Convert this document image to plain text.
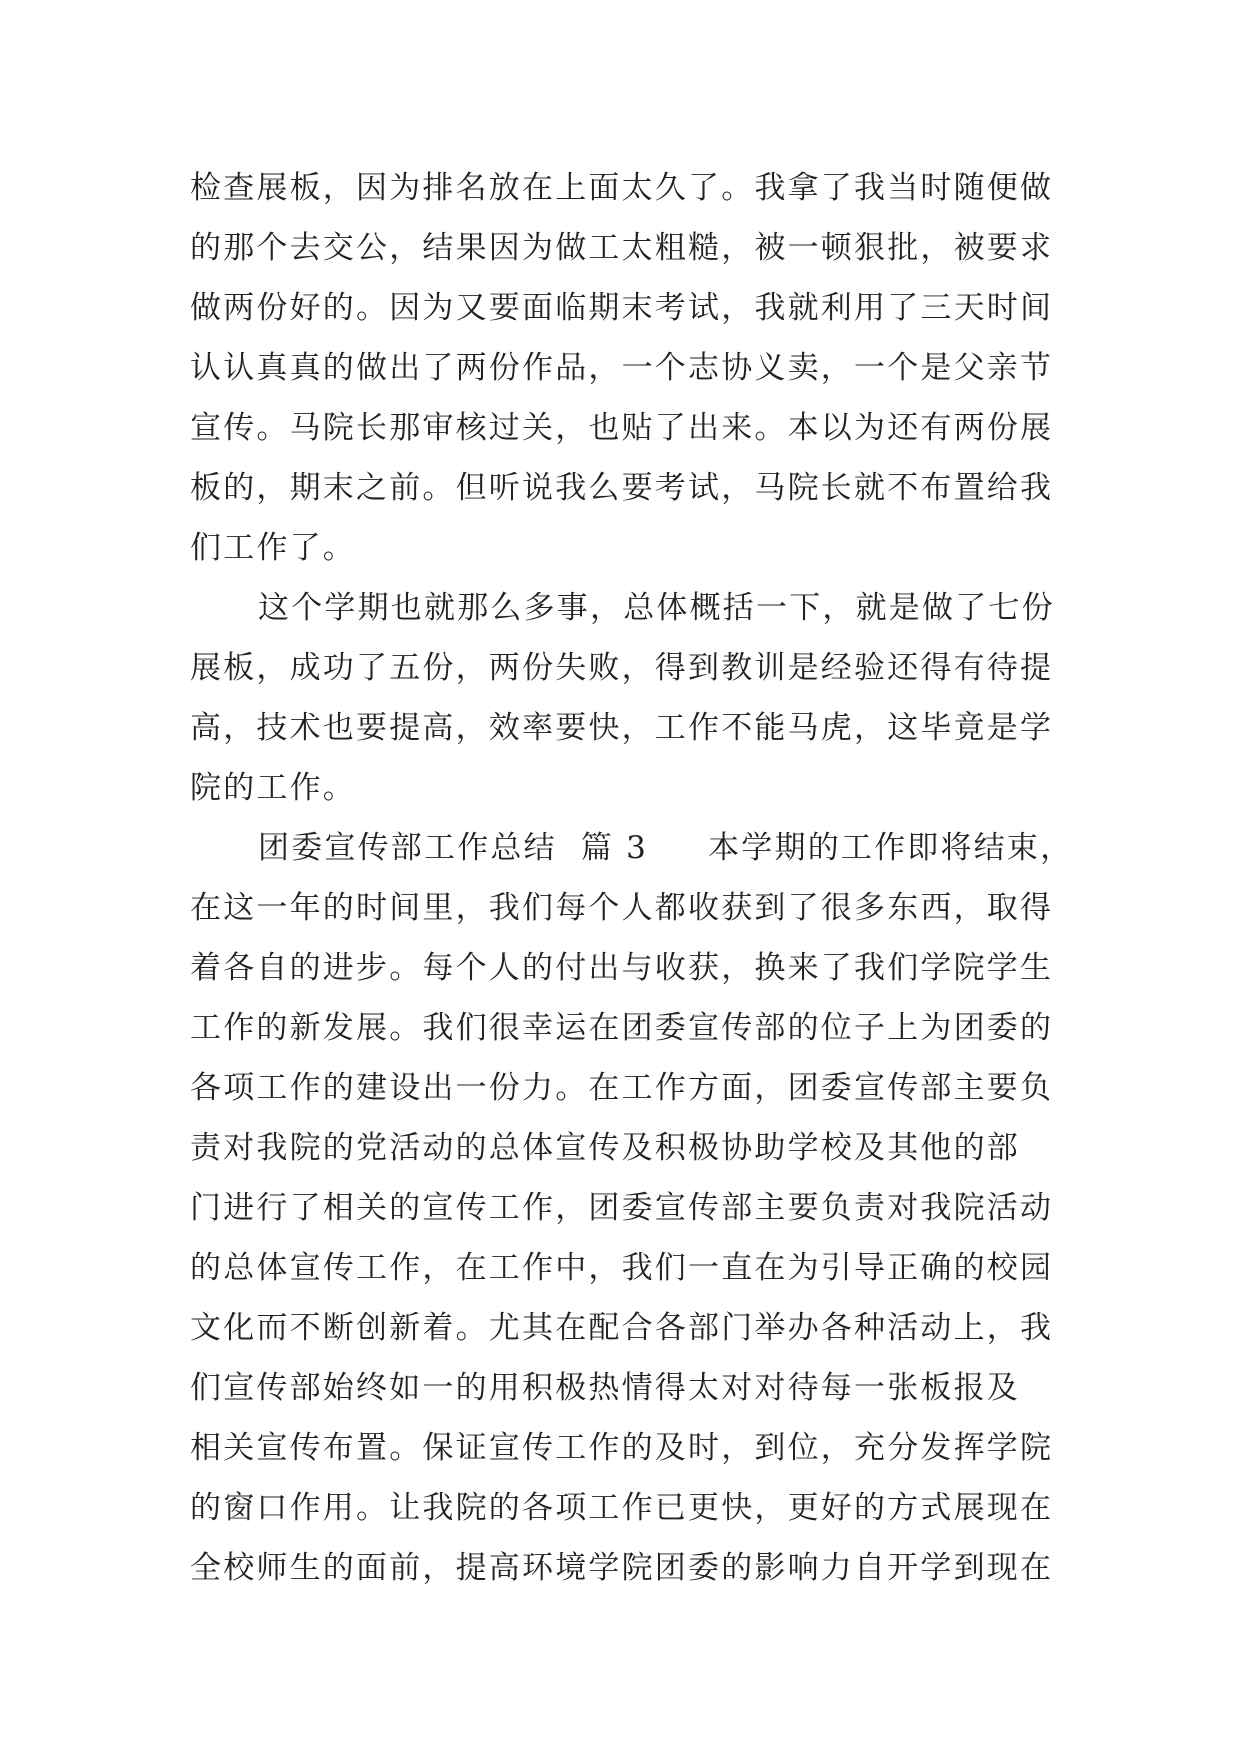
检查展板，因为排名放在上面太久了。我拿了我当时随便做
的那个去交公，结果因为做工太粗糙，被一顿狠批，被要求
做两份好的。因为又要面临期末考试，我就利用了三天时间
认认真真的做出了两份作品，一个志协义卖，一个是父亲节
宣传。马院长那审核过关，也贴了出来。本以为还有两份展
板的，期末之前。但听说我么要考试，马院长就不布置给我
们工作了。
这个学期也就那么多事，总体概括一下，就是做了七份
展板，成功了五份，两份失败，得到教训是经验还得有待提
高，技术也要提高，效率要快，工作不能马虎，这毕竟是学
院的工作。
团委宣传部工作总结  篇 3 本学期的工作即将结束，
在这一年的时间里，我们每个人都收获到了很多东西，取得
着各自的进步。每个人的付出与收获，换来了我们学院学生
工作的新发展。我们很幸运在团委宣传部的位子上为团委的
各项工作的建设出一份力。在工作方面，团委宣传部主要负
责对我院的党活动的总体宣传及积极协助学校及其他的部
门进行了相关的宣传工作，团委宣传部主要负责对我院活动
的总体宣传工作，在工作中，我们一直在为引导正确的校园
文化而不断创新着。尤其在配合各部门举办各种活动上，我
们宣传部始终如一的用积极热情得太对对待每一张板报及
相关宣传布置。保证宣传工作的及时，到位，充分发挥学院
的窗口作用。让我院的各项工作已更快，更好的方式展现在
全校师生的面前，提高环境学院团委的影响力自开学到现在
